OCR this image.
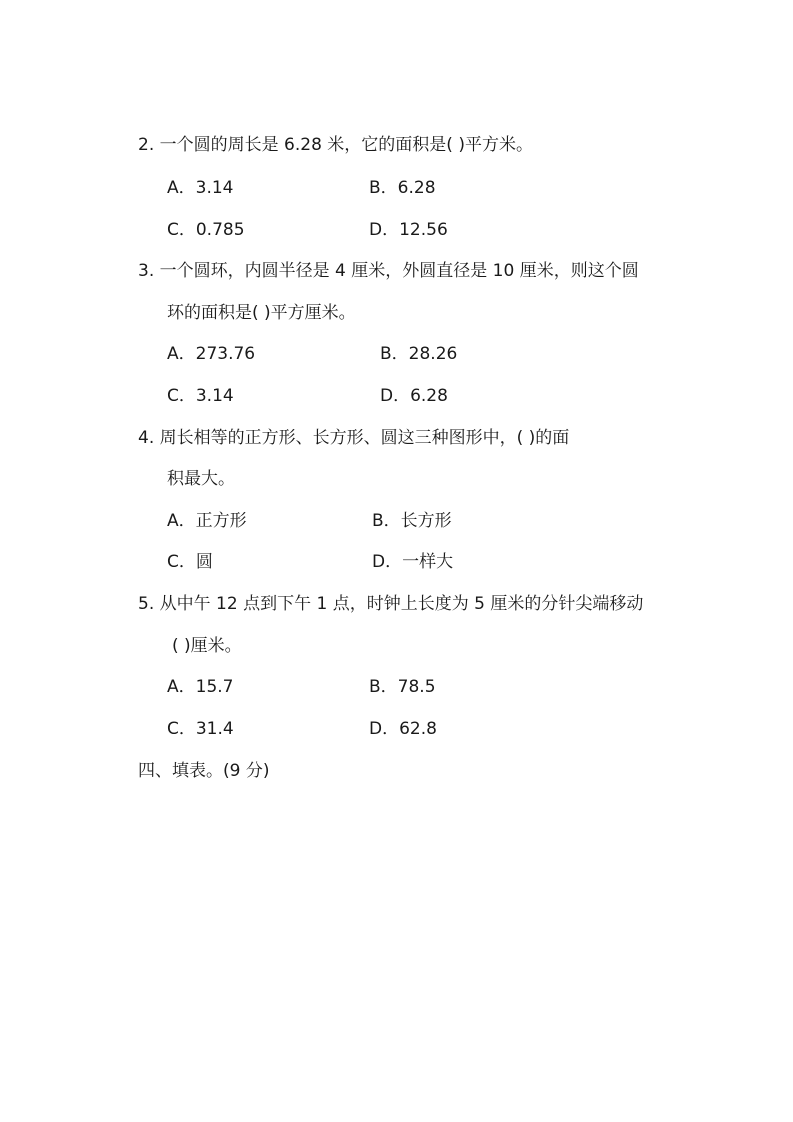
2. 一个圆的周长是 6.28 米，它的面积是( )平方米。
A．3.14	B．6.28
C．0.785	D．12.56
3. 一个圆环，内圆半径是 4 厘米，外圆直径是 10 厘米，则这个圆
环的面积是( )平方厘米。
A．273.76	B．28.26
C．3.14	D．6.28
4. 周长相等的正方形、长方形、圆这三种图形中，( )的面
积最大。
A．正方形	B．长方形
C．圆	D．一样大
5. 从中午 12 点到下午 1 点，时钟上长度为 5 厘米的分针尖端移动
( )厘米。
A．15.7	B．78.5
C．31.4	D．62.8
四、填表。(9 分)
